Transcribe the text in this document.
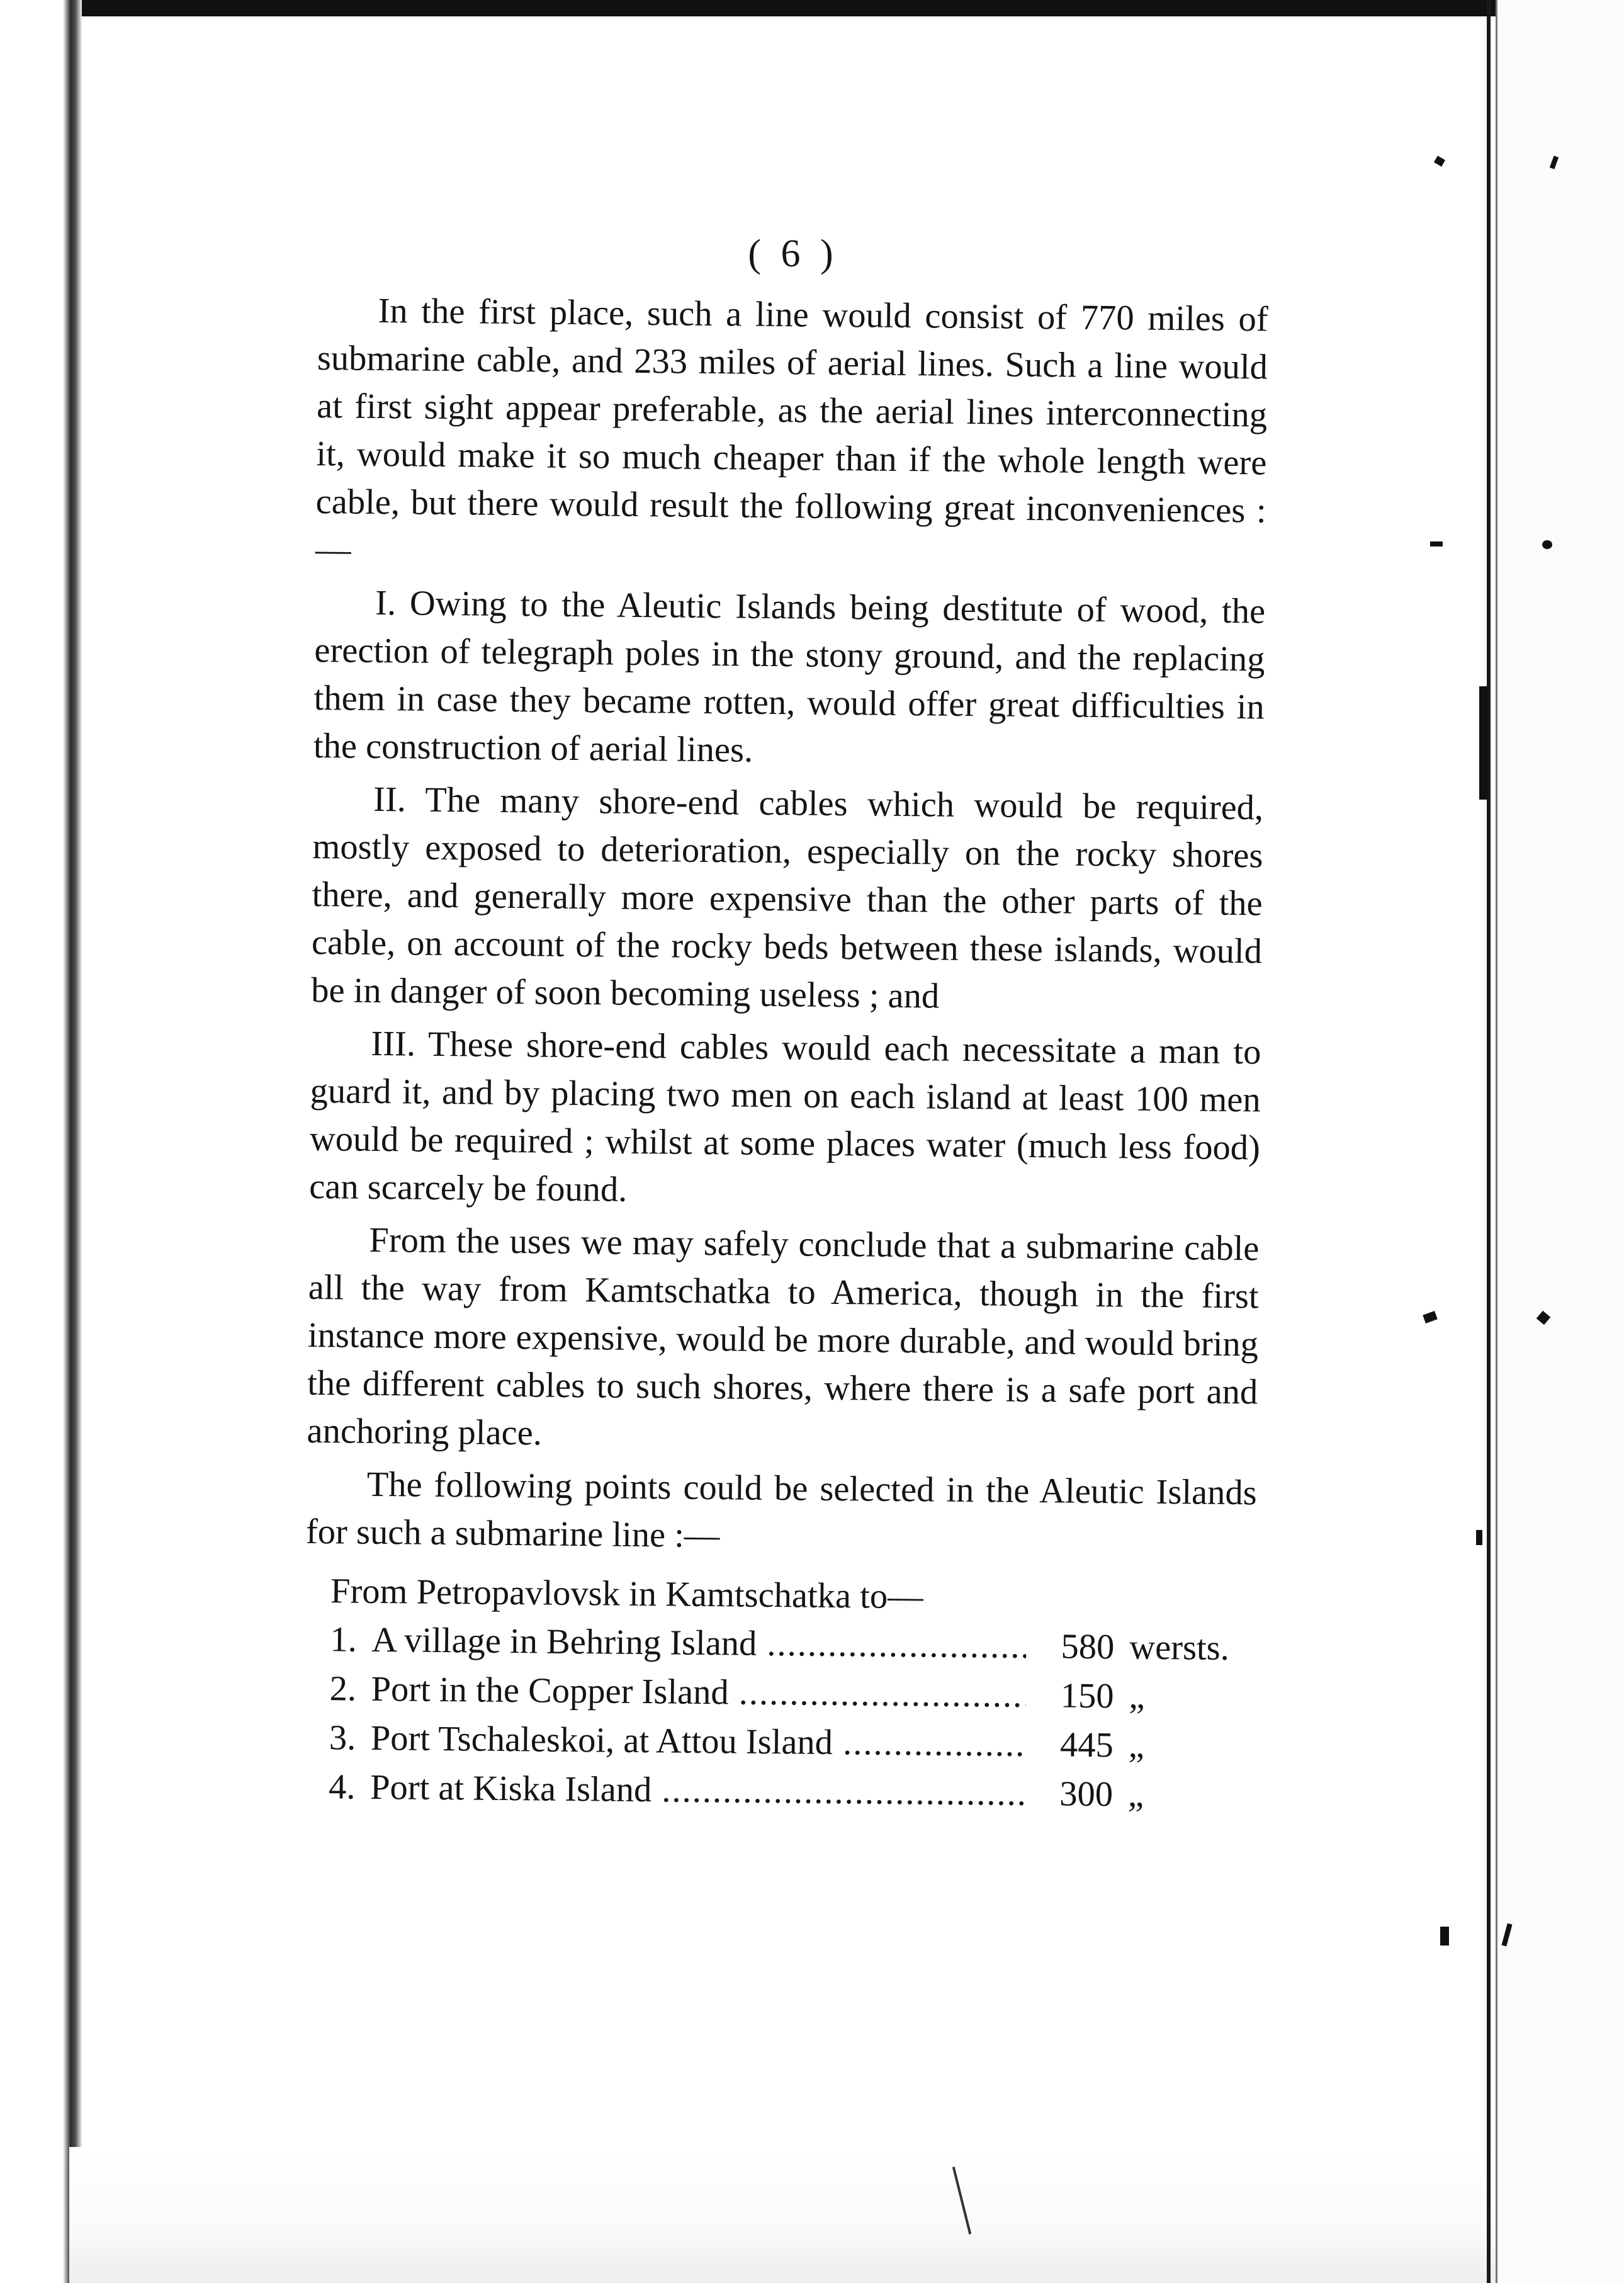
( 6 )

In the first place, such a line would consist of 770 miles of submarine cable, and 233 miles of aerial lines. Such a line would at first sight appear preferable, as the aerial lines interconnecting it, would make it so much cheaper than if the whole length were cable, but there would result the following great inconveniences :—

I. Owing to the Aleutic Islands being destitute of wood, the erection of telegraph poles in the stony ground, and the replacing them in case they became rotten, would offer great difficulties in the construction of aerial lines.

II. The many shore-end cables which would be required, mostly exposed to deterioration, especially on the rocky shores there, and generally more expensive than the other parts of the cable, on account of the rocky beds between these islands, would be in danger of soon becoming useless ; and

III. These shore-end cables would each necessitate a man to guard it, and by placing two men on each island at least 100 men would be required ; whilst at some places water (much less food) can scarcely be found.

From the uses we may safely conclude that a submarine cable all the way from Kamtschatka to America, though in the first instance more expensive, would be more durable, and would bring the different cables to such shores, where there is a safe port and anchoring place.

The following points could be selected in the Aleutic Islands for such a submarine line :—

From Petropavlovsk in Kamtschatka to—
1. A village in Behring Island .....	580 wersts.
2. Port in the Copper Island .....	150 „
3. Port Tschaleskoi, at Attou Island .....	445 „
4. Port at Kiska Island .....	300 „
